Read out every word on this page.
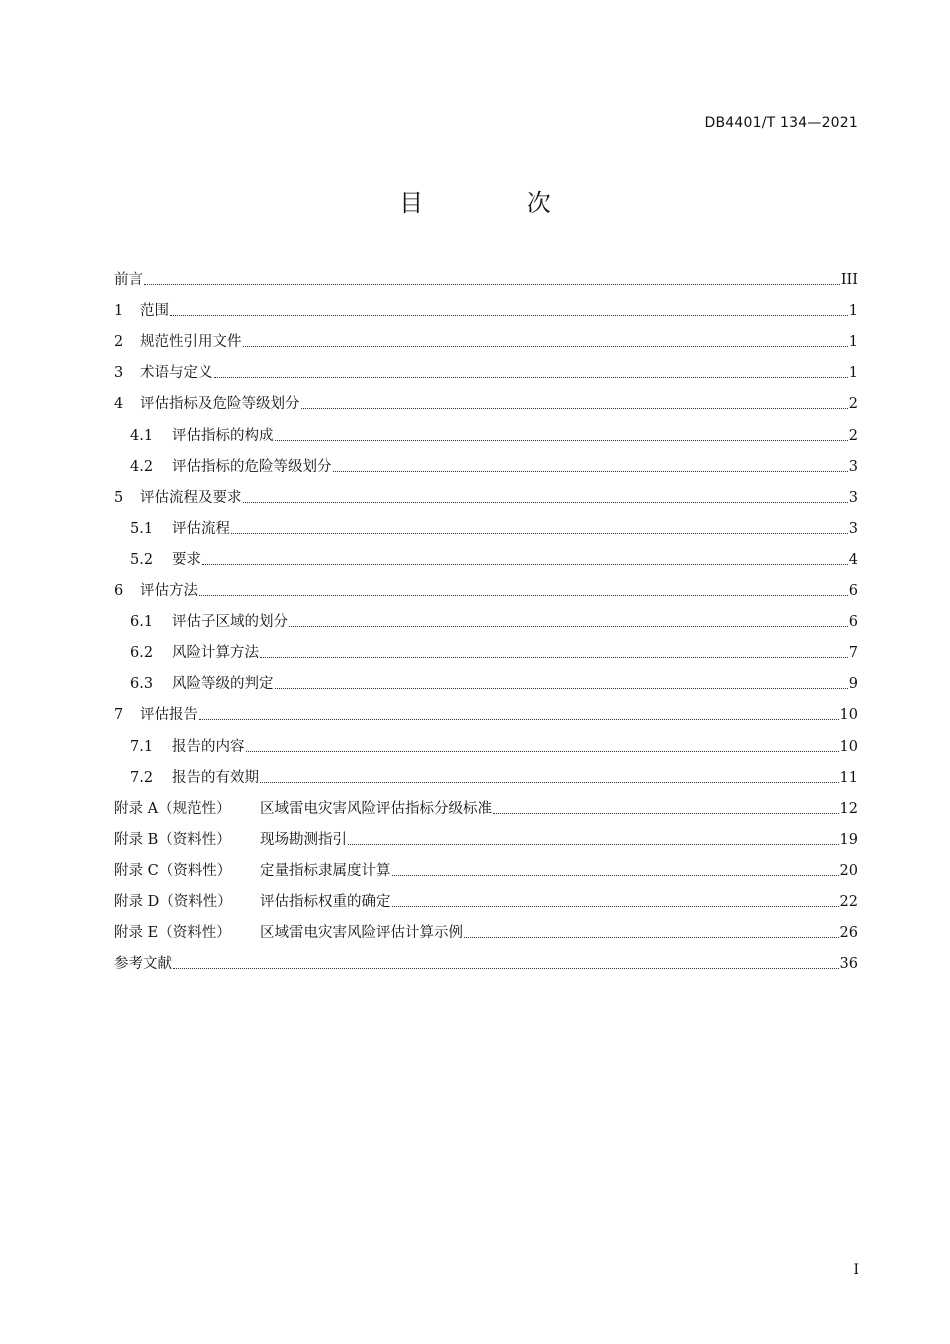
DB4401/T 134—2021
目 次
前言	III
1	范围	1
2	规范性引用文件	1
3	术语与定义	1
4	评估指标及危险等级划分	2
4.1	评估指标的构成	2
4.2	评估指标的危险等级划分	3
5	评估流程及要求	3
5.1	评估流程	3
5.2	要求	4
6	评估方法	6
6.1	评估子区域的划分	6
6.2	风险计算方法	7
6.3	风险等级的判定	9
7	评估报告	10
7.1	报告的内容	10
7.2	报告的有效期	11
附录 A（规范性）	区域雷电灾害风险评估指标分级标准	12
附录 B（资料性）	现场勘测指引	19
附录 C（资料性）	定量指标隶属度计算	20
附录 D（资料性）	评估指标权重的确定	22
附录 E（资料性）	区域雷电灾害风险评估计算示例	26
参考文献	36
I
